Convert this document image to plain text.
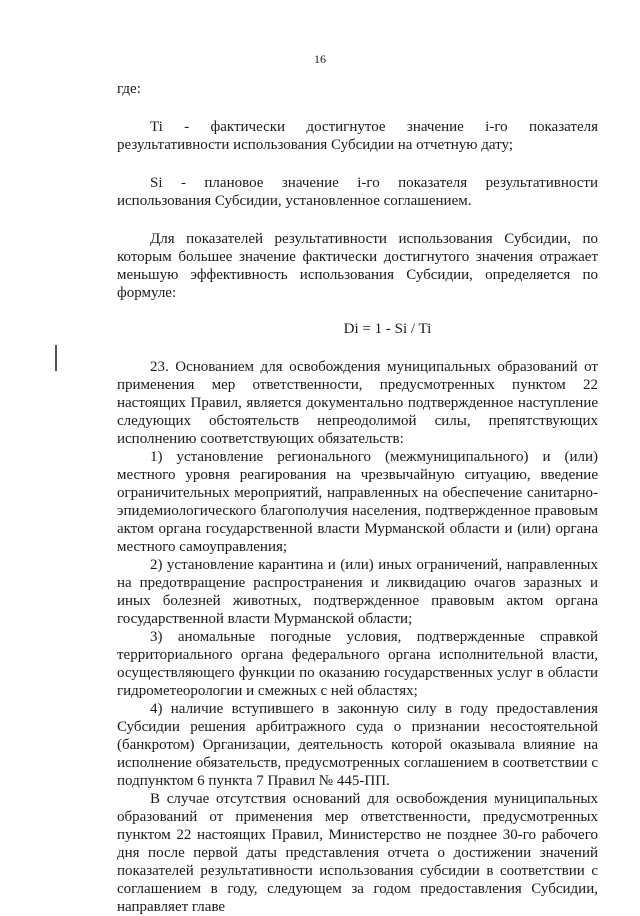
16

где:

Ti - фактически достигнутое значение i-го показателя результативности использования Субсидии на отчетную дату;

Si - плановое значение i-го показателя результативности использования Субсидии, установленное соглашением.

Для показателей результативности использования Субсидии, по которым большее значение фактически достигнутого значения отражает меньшую эффективность использования Субсидии, определяется по формуле:

Di = 1 - Si / Ti

23. Основанием для освобождения муниципальных образований от применения мер ответственности, предусмотренных пунктом 22 настоящих Правил, является документально подтвержденное наступление следующих обстоятельств непреодолимой силы, препятствующих исполнению соответствующих обязательств:

1) установление регионального (межмуниципального) и (или) местного уровня реагирования на чрезвычайную ситуацию, введение ограничительных мероприятий, направленных на обеспечение санитарно-эпидемиологического благополучия населения, подтвержденное правовым актом органа государственной власти Мурманской области и (или) органа местного самоуправления;

2) установление карантина и (или) иных ограничений, направленных на предотвращение распространения и ликвидацию очагов заразных и иных болезней животных, подтвержденное правовым актом органа государственной власти Мурманской области;

3) аномальные погодные условия, подтвержденные справкой территориального органа федерального органа исполнительной власти, осуществляющего функции по оказанию государственных услуг в области гидрометеорологии и смежных с ней областях;

4) наличие вступившего в законную силу в году предоставления Субсидии решения арбитражного суда о признании несостоятельной (банкротом) Организации, деятельность которой оказывала влияние на исполнение обязательств, предусмотренных соглашением в соответствии с подпунктом 6 пункта 7 Правил № 445-ПП.

В случае отсутствия оснований для освобождения муниципальных образований от применения мер ответственности, предусмотренных пунктом 22 настоящих Правил, Министерство не позднее 30-го рабочего дня после первой даты представления отчета о достижении значений показателей результативности использования субсидии в соответствии с соглашением в году, следующем за годом предоставления Субсидии, направляет главе
